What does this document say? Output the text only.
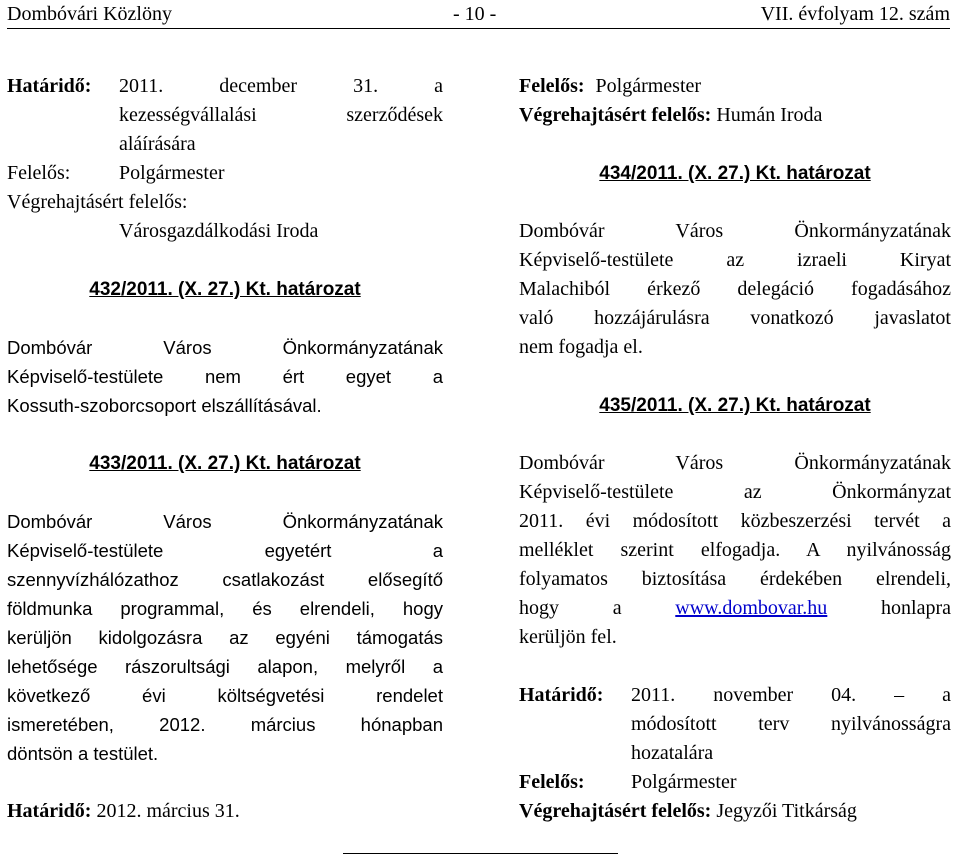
Dombóvári Közlöny	- 10 -	VII. évfolyam 12. szám
Határidő: 2011. december 31. a
kezességvállalási szerződések
aláírására
Felelős: Polgármester
Végrehajtásért felelős:
Városgazdálkodási Iroda
432/2011. (X. 27.) Kt. határozat
Dombóvár Város Önkormányzatának
Képviselő-testülete nem ért egyet a
Kossuth-szoborcsoport elszállításával.
433/2011. (X. 27.) Kt. határozat
Dombóvár Város Önkormányzatának
Képviselő-testülete egyetért a
szennyvízhálózathoz csatlakozást elősegítő
földmunka programmal, és elrendeli, hogy
kerüljön kidolgozásra az egyéni támogatás
lehetősége rászorultsági alapon, melyről a
következő évi költségvetési rendelet
ismeretében, 2012. március hónapban
döntsön a testület.
Határidő: 2012. március 31.
Felelős: Polgármester
Végrehajtásért felelős: Humán Iroda
434/2011. (X. 27.) Kt. határozat
Dombóvár Város Önkormányzatának
Képviselő-testülete az izraeli Kiryat
Malachiból érkező delegáció fogadásához
való hozzájárulásra vonatkozó javaslatot
nem fogadja el.
435/2011. (X. 27.) Kt. határozat
Dombóvár Város Önkormányzatának
Képviselő-testülete az Önkormányzat
2011. évi módosított közbeszerzési tervét a
melléklet szerint elfogadja. A nyilvánosság
folyamatos biztosítása érdekében elrendeli,
hogy a	www.dombovar.hu	honlapra
kerüljön fel.
Határidő: 2011. november 04. – a
módosított terv nyilvánosságra
hozatalára
Felelős: Polgármester
Végrehajtásért felelős: Jegyzői Titkárság
